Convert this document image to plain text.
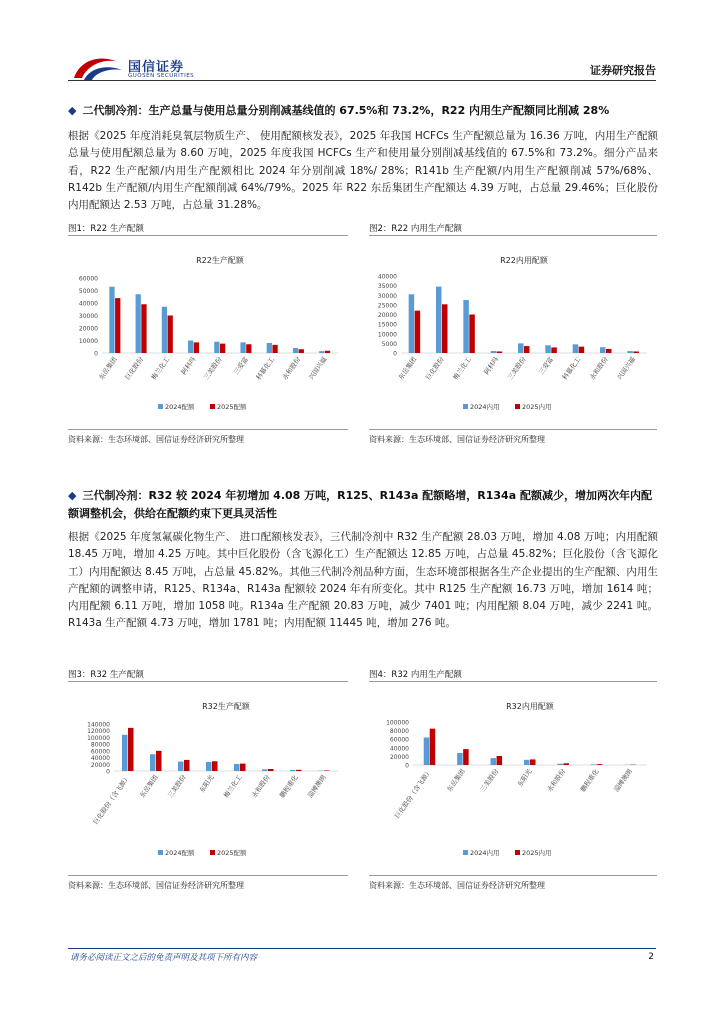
国信证券
GUOSEN SECURITIES	证券研究报告
◆ 二代制冷剂：生产总量与使用总量分别削减基线值的 67.5%和 73.2%，R22 内用生产配额同比削减 28%
根据《2025 年度消耗臭氧层物质生产、 使用配额核发表》，2025 年我国 HCFCs 生产配额总量为 16.36 万吨，内用生产配额总量与使用配额总量为 8.60 万吨，2025 年度我国 HCFCs 生产和使用量分别削减基线值的 67.5%和 73.2%。细分产品来看，R22 生产配额/内用生产配额相比 2024 年分别削减 18%/ 28%；R141b 生产配额/内用生产配额削减 57%/68%、R142b 生产配额/内用生产配额削减 64%/79%。2025 年 R22 东岳集团生产配额达 4.39 万吨，占总量 29.46%；巨化股份内用配额达 2.53 万吨，占总量 31.28%。
图1：R22 生产配额	图2：R22 内用生产配额
R22生产配额
0
10000
20000
30000
40000
50000
60000
东岳集团 巨化股份 梅兰化工 阿科玛 三美股份 三爱富 科慕化工 永和股份 兴国兴福
2024配额	2025配额
R22内用配额
0
5000
10000
15000
20000
25000
30000
35000
40000
东岳集团 巨化股份 梅兰化工 阿科玛 三美股份 三爱富 科慕化工 永和股份 兴国兴福
2024内用	2025内用
资料来源：生态环境部、国信证券经济研究所整理	资料来源：生态环境部、国信证券经济研究所整理
◆ 三代制冷剂：R32 较 2024 年初增加 4.08 万吨，R125、R143a 配额略增，R134a 配额减少，增加两次年内配额调整机会，供给在配额约束下更具灵活性
根据《2025 年度氢氟碳化物生产、 进口配额核发表》，三代制冷剂中 R32 生产配额 28.03 万吨，增加 4.08 万吨；内用配额 18.45 万吨，增加 4.25 万吨。其中巨化股份（含飞源化工）生产配额达 12.85 万吨，占总量 45.82%；巨化股份（含飞源化工）内用配额达 8.45 万吨，占总量 45.82%。其他三代制冷剂品种方面，生态环境部根据各生产企业提出的生产配额、内用生产配额的调整申请，R125、R134a、R143a 配额较 2024 年有所变化。其中 R125 生产配额 16.73 万吨，增加 1614 吨；内用配额 6.11 万吨，增加 1058 吨。R134a 生产配额 20.83 万吨，减少 7401 吨；内用配额 8.04 万吨，减少 2241 吨。R143a 生产配额 4.73 万吨，增加 1781 吨；内用配额 11445 吨，增加 276 吨。
图3：R32 生产配额	图4：R32 内用生产配额
R32生产配额
0
20000
40000
60000
80000
100000
120000
140000
巨化股份（含飞源） 东岳集团 三美股份 东阳光 梅兰化工 永和股份 鹏程重化 淄博澳朗
2024配额	2025配额
R32内用配额
0
20000
40000
60000
80000
100000
巨化股份（含飞源） 东岳集团 三美股份 东阳光 永和股份 鹏程重化 淄博澳朗
2024内用	2025内用
资料来源：生态环境部、国信证券经济研究所整理	资料来源：生态环境部、国信证券经济研究所整理
请务必阅读正文之后的免责声明及其项下所有内容	2
